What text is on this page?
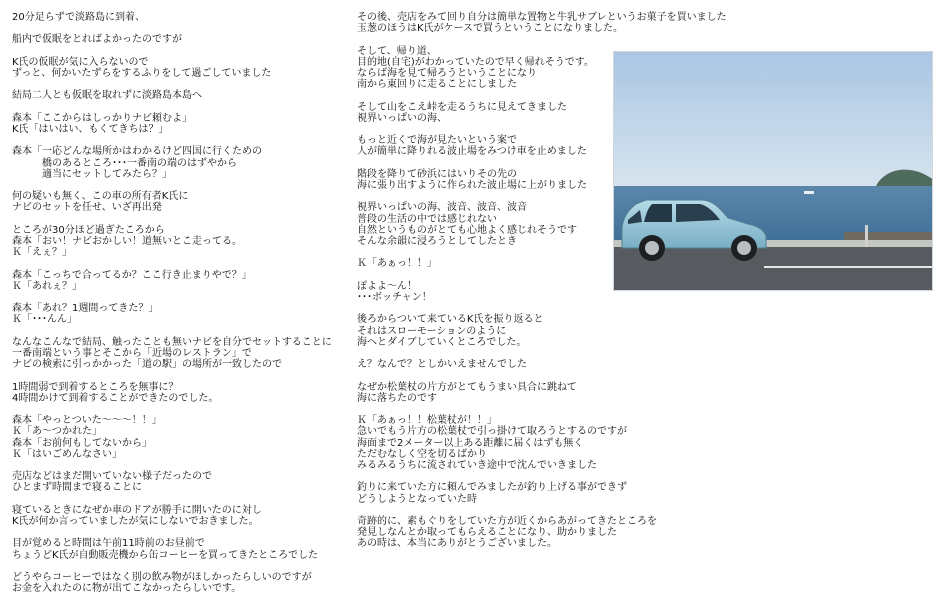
20分足らずで淡路島に到着、

船内で仮眠をとればよかったのですが

K氏の仮眠が気に入らないので
ずっと、何かいたずらをするふりをして過ごしていました

結局二人とも仮眠を取れずに淡路島本島へ

森本「ここからはしっかりナビ頼むよ」
K氏「はいはい、もくてきちは？」

森本「一応どんな場所かはわかるけど四国に行くための
　　　橋のあるところ･･･一番南の端のはずやから
　　　適当にセットしてみたら？」

何の疑いも無く、この車の所有者K氏に
ナビのセットを任せ、いざ再出発

ところが30分ほど過ぎたころから
森本「おい！ナビおかしい！道無いとこ走ってる。
Ｋ「えぇ？」

森本「こっちで合ってるか？ここ行き止まりやで？」
Ｋ「あれぇ？」

森本「あれ？1週間ってきた？」
Ｋ「･･･んん」

なんなこんなで結局、触ったことも無いナビを自分でセットすることに
一番南端という事とそこから「近場のレストラン」で
ナビの検索に引っかかった「道の駅」の場所が一致したので

1時間弱で到着するところを無事に？
4時間かけて到着することができたのでした。

森本「やっとついた～～～！！」
Ｋ「あ～つかれた」
森本「お前何もしてないから」
Ｋ「はいごめんなさい」

売店などはまだ開いていない様子だったので
ひとまず時間まで寝ることに

寝ているときになぜか車のドアが勝手に開いたのに対し
K氏が何か言っていましたが気にしないでおきました。

目が覚めると時間は午前11時前のお昼前で
ちょうどK氏が自動販売機から缶コーヒーを買ってきたところでした

どうやらコーヒーではなく別の飲み物がほしかったらしいのですが
お金を入れたのに物が出てこなかったらしいです。

その後、売店をみて回り自分は簡単な置物と牛乳サブレというお菓子を買いました
玉葱のほうはK氏がケースで買うということになりました。

そして、帰り道、
目的地(自宅)がわかっていたので早く帰れそうです。
ならば海を見て帰ろうということになり
南から東回りに走ることにしました

そして山をこえ峠を走るうちに見えてきました
視界いっぱいの海、

もっと近くで海が見たいという案で
人が簡単に降りれる波止場をみつけ車を止めました

階段を降りて砂浜にはいりその先の
海に張り出すように作られた波止場に上がりました

視界いっぱいの海、波音、波音、波音
普段の生活の中では感じれない
自然というものがとても心地よく感じれそうです
そんな余韻に浸ろうとしてしたとき

Ｋ「あぁっ！！」

ぽよよ～ん！
･･･ボッチャン！

後ろからついて来ているK氏を振り返ると
それはスローモーションのように
海へとダイブしていくところでした。

え？なんで？としかいえませんでした

なぜか松葉杖の片方がとてもうまい具合に跳ねて
海に落ちたのです

Ｋ「あぁっ！！松葉杖が！！」
急いでもう片方の松葉杖で引っ掛けて取ろうとするのですが
海面まで2メーター以上ある距離に届くはずも無く
ただむなしく空を切るばかり
みるみるうちに流されていき途中で沈んでいきました

釣りに来ていた方に頼んでみましたが釣り上げる事ができず
どうしようとなっていた時

奇跡的に、素もぐりをしていた方が近くからあがってきたところを
発見しなんとか取ってもらえることになり、助かりました
あの時は、本当にありがとうございました。
